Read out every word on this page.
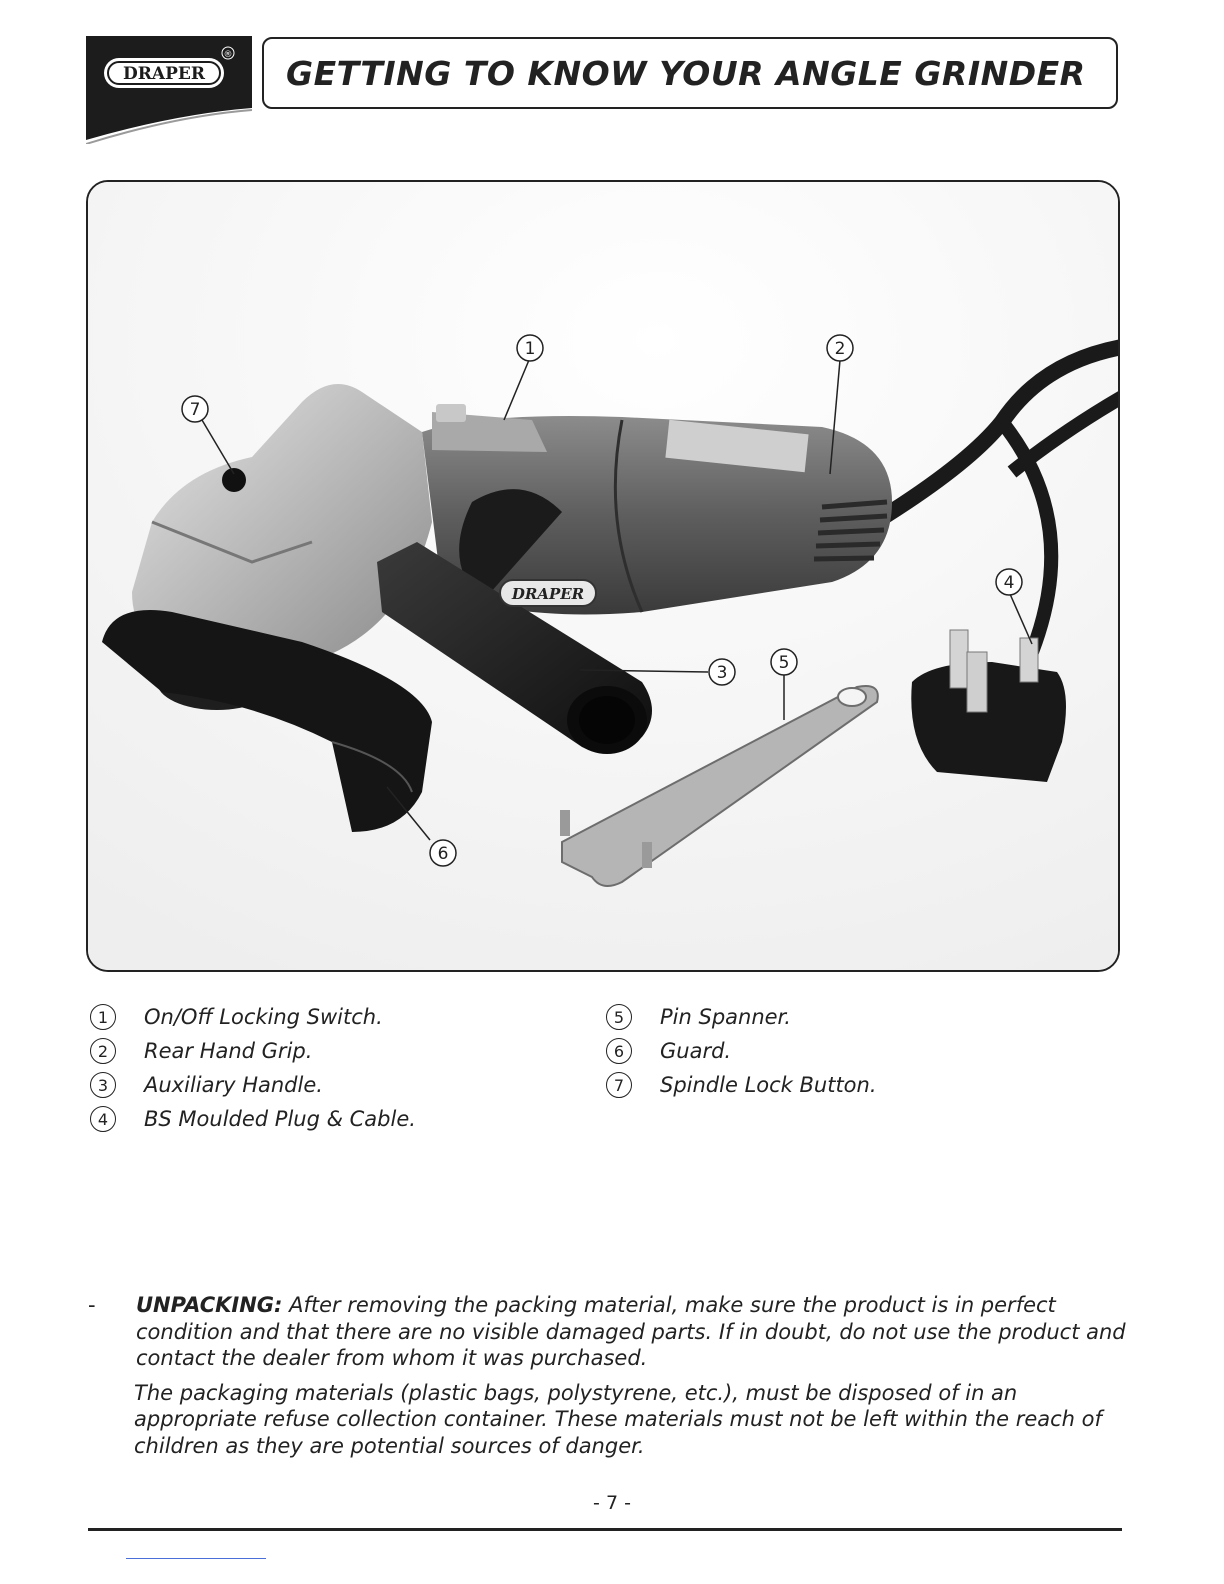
DRAPER
® GETTING TO KNOW YOUR ANGLE GRINDER
DRAPER
1	2
3
4
5
6
7
1	On/Off Locking Switch.
2	Rear Hand Grip.
3	Auxiliary Handle.
4	BS Moulded Plug & Cable.
5	Pin Spanner.
6	Guard.
7	Spindle Lock Button.

- UNPACKING: After removing the packing material, make sure the product is in perfect condition and that there are no visible damaged parts. If in doubt, do not use the product and contact the dealer from whom it was purchased.

The packaging materials (plastic bags, polystyrene, etc.), must be disposed of in an appropriate refuse collection container. These materials must not be left within the reach of children as they are potential sources of danger.

- 7 -
